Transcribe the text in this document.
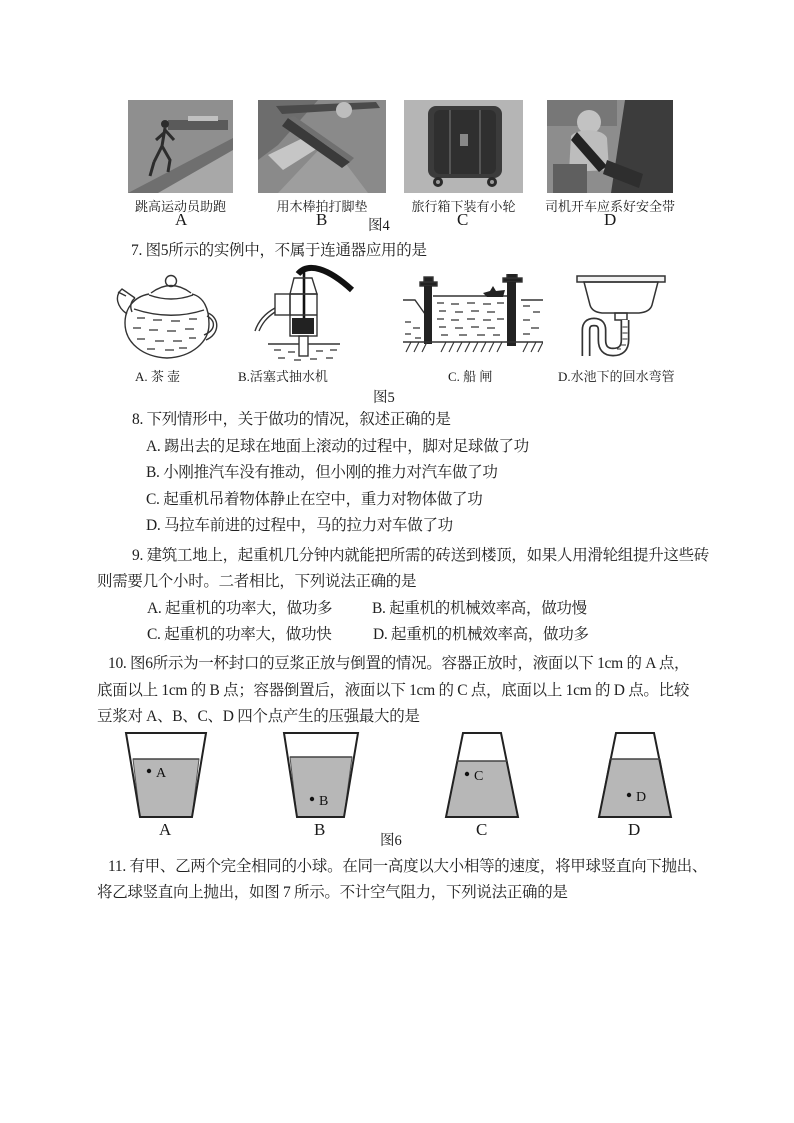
跳高运动员助跑	用木棒拍打脚垫	旅行箱下装有小轮	司机开车应系好安全带
A	B	C	D
图4
7. 图5所示的实例中，不属于连通器应用的是
A. 茶 壶	B.活塞式抽水机	C. 船 闸	D.水池下的回水弯管
图5
8. 下列情形中，关于做功的情况，叙述正确的是
A. 踢出去的足球在地面上滚动的过程中，脚对足球做了功
B. 小刚推汽车没有推动，但小刚的推力对汽车做了功
C. 起重机吊着物体静止在空中，重力对物体做了功
D. 马拉车前进的过程中，马的拉力对车做了功
9. 建筑工地上，起重机几分钟内就能把所需的砖送到楼顶，如果人用滑轮组提升这些砖
则需要几个小时。二者相比，下列说法正确的是
A. 起重机的功率大，做功多	B. 起重机的机械效率高，做功慢
C. 起重机的功率大，做功快	D. 起重机的机械效率高，做功多
10. 图6所示为一杯封口的豆浆正放与倒置的情况。容器正放时，液面以下 1cm 的 A 点，
底面以上 1cm 的 B 点；容器倒置后，液面以下 1cm 的 C 点，底面以上 1cm 的 D 点。比较
豆浆对 A、B、C、D 四个点产生的压强最大的是
A
B
C
D
A	B	C	D
图6
11. 有甲、乙两个完全相同的小球。在同一高度以大小相等的速度，将甲球竖直向下抛出、
将乙球竖直向上抛出，如图 7 所示。不计空气阻力，下列说法正确的是
